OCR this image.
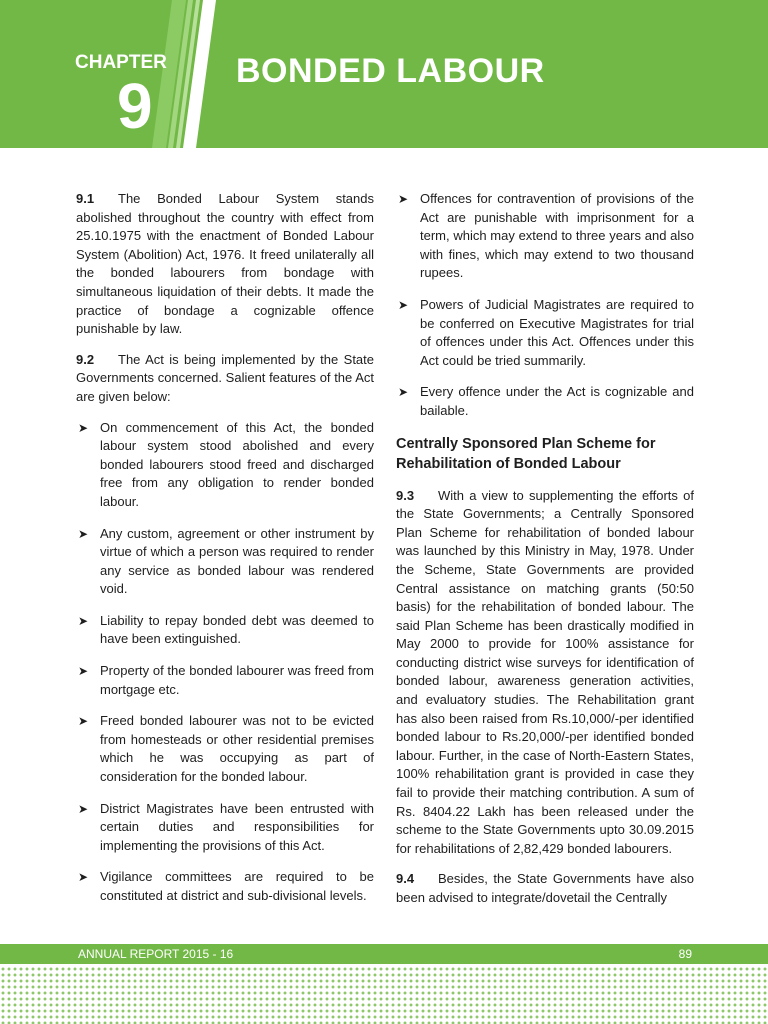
CHAPTER
9 BONDED LABOUR

9.1 The Bonded Labour System stands abolished throughout the country with effect from 25.10.1975 with the enactment of Bonded Labour System (Abolition) Act, 1976. It freed unilaterally all the bonded labourers from bondage with simultaneous liquidation of their debts. It made the practice of bondage a cognizable offence punishable by law.

9.2 The Act is being implemented by the State Governments concerned. Salient features of the Act are given below:

➤ On commencement of this Act, the bonded labour system stood abolished and every bonded labourers stood freed and discharged free from any obligation to render bonded labour.
➤ Any custom, agreement or other instrument by virtue of which a person was required to render any service as bonded labour was rendered void.
➤ Liability to repay bonded debt was deemed to have been extinguished.
➤ Property of the bonded labourer was freed from mortgage etc.
➤ Freed bonded labourer was not to be evicted from homesteads or other residential premises which he was occupying as part of consideration for the bonded labour.
➤ District Magistrates have been entrusted with certain duties and responsibilities for implementing the provisions of this Act.
➤ Vigilance committees are required to be constituted at district and sub-divisional levels.
➤ Offences for contravention of provisions of the Act are punishable with imprisonment for a term, which may extend to three years and also with fines, which may extend to two thousand rupees.
➤ Powers of Judicial Magistrates are required to be conferred on Executive Magistrates for trial of offences under this Act. Offences under this Act could be tried summarily.
➤ Every offence under the Act is cognizable and bailable.
Centrally Sponsored Plan Scheme for Rehabilitation of Bonded Labour

9.3 With a view to supplementing the efforts of the State Governments; a Centrally Sponsored Plan Scheme for rehabilitation of bonded labour was launched by this Ministry in May, 1978. Under the Scheme, State Governments are provided Central assistance on matching grants (50:50 basis) for the rehabilitation of bonded labour. The said Plan Scheme has been drastically modified in May 2000 to provide for 100% assistance for conducting district wise surveys for identification of bonded labour, awareness generation activities, and evaluatory studies. The Rehabilitation grant has also been raised from Rs.10,000/-per identified bonded labour to Rs.20,000/-per identified bonded labour. Further, in the case of North-Eastern States, 100% rehabilitation grant is provided in case they fail to provide their matching contribution. A sum of Rs. 8404.22 Lakh has been released under the scheme to the State Governments upto 30.09.2015 for rehabilitations of 2,82,429 bonded labourers.

9.4 Besides, the State Governments have also been advised to integrate/dovetail the Centrally

ANNUAL REPORT 2015 - 16	89
